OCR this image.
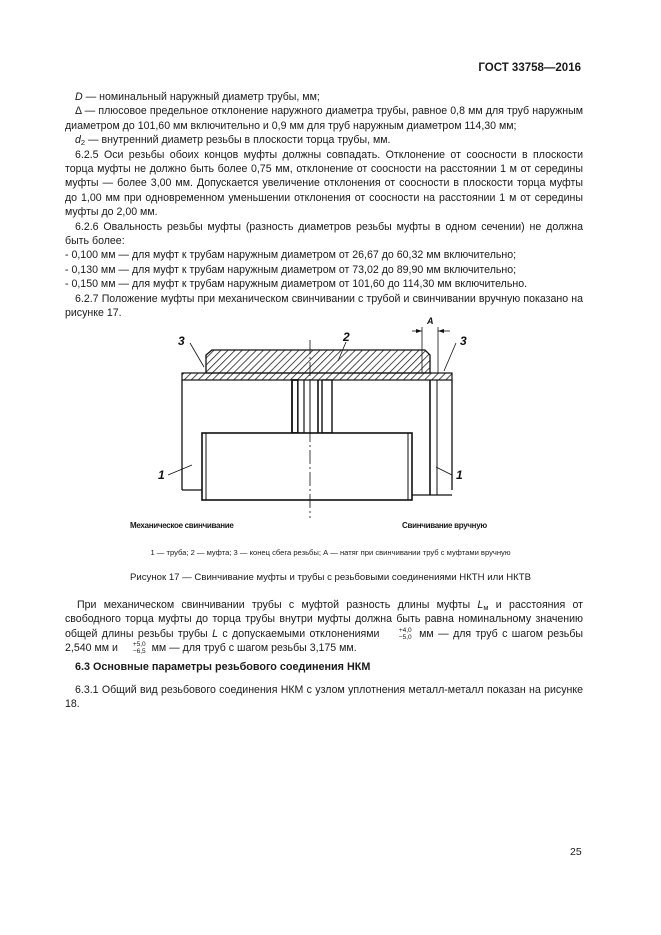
ГОСТ 33758—2016

D — номинальный наружный диаметр трубы, мм;

Δ — плюсовое предельное отклонение наружного диаметра трубы, равное 0,8 мм для труб наружным диаметром до 101,60 мм включительно и 0,9 мм для труб наружным диаметром 114,30 мм;

$d_2$ — внутренний диаметр резьбы в плоскости торца трубы, мм.

6.2.5 Оси резьбы обоих концов муфты должны совпадать. Отклонение от соосности в плоскости торца муфты не должно быть более 0,75 мм, отклонение от соосности на расстоянии 1 м от середины муфты — более 3,00 мм. Допускается увеличение отклонения от соосности в плоскости торца муфты до 1,00 мм при одновременном уменьшении отклонения от соосности на расстоянии 1 м от середины муфты до 2,00 мм.

6.2.6 Овальность резьбы муфты (разность диаметров резьбы муфты в одном сечении) не должна быть более:

- 0,100 мм — для муфт к трубам наружным диаметром от 26,67 до 60,32 мм включительно;

- 0,130 мм — для муфт к трубам наружным диаметром от 73,02 до 89,90 мм включительно;

- 0,150 мм — для муфт к трубам наружным диаметром от 101,60 до 114,30 мм включительно.

6.2.7 Положение муфты при механическом свинчивании с трубой и свинчивании вручную показано на рисунке 17.

3	2	3
A
1	1
Механическое свинчивание	Свинчивание вручную
1 — труба; 2 — муфта; 3 — конец сбега резьбы; А — натяг при свинчивании труб с муфтами вручную
Рисунок 17 — Свинчивание муфты и трубы с резьбовыми соединениями НКТН или НКТВ

При механическом свинчивании трубы с муфтой разность длины муфты $L_м$ и расстояния от свободного торца муфты до торца трубы внутри муфты должна быть равна номинальному значению общей длины резьбы трубы L с допускаемыми отклонениями	+4,0
−5,0 мм — для труб с шагом резьбы 2,540 мм и	+5,0
−6,5 мм — для труб с шагом резьбы 3,175 мм.

6.3 Основные параметры резьбового соединения НКМ

6.3.1 Общий вид резьбового соединения НКМ с узлом уплотнения металл-металл показан на рисунке 18.

25
